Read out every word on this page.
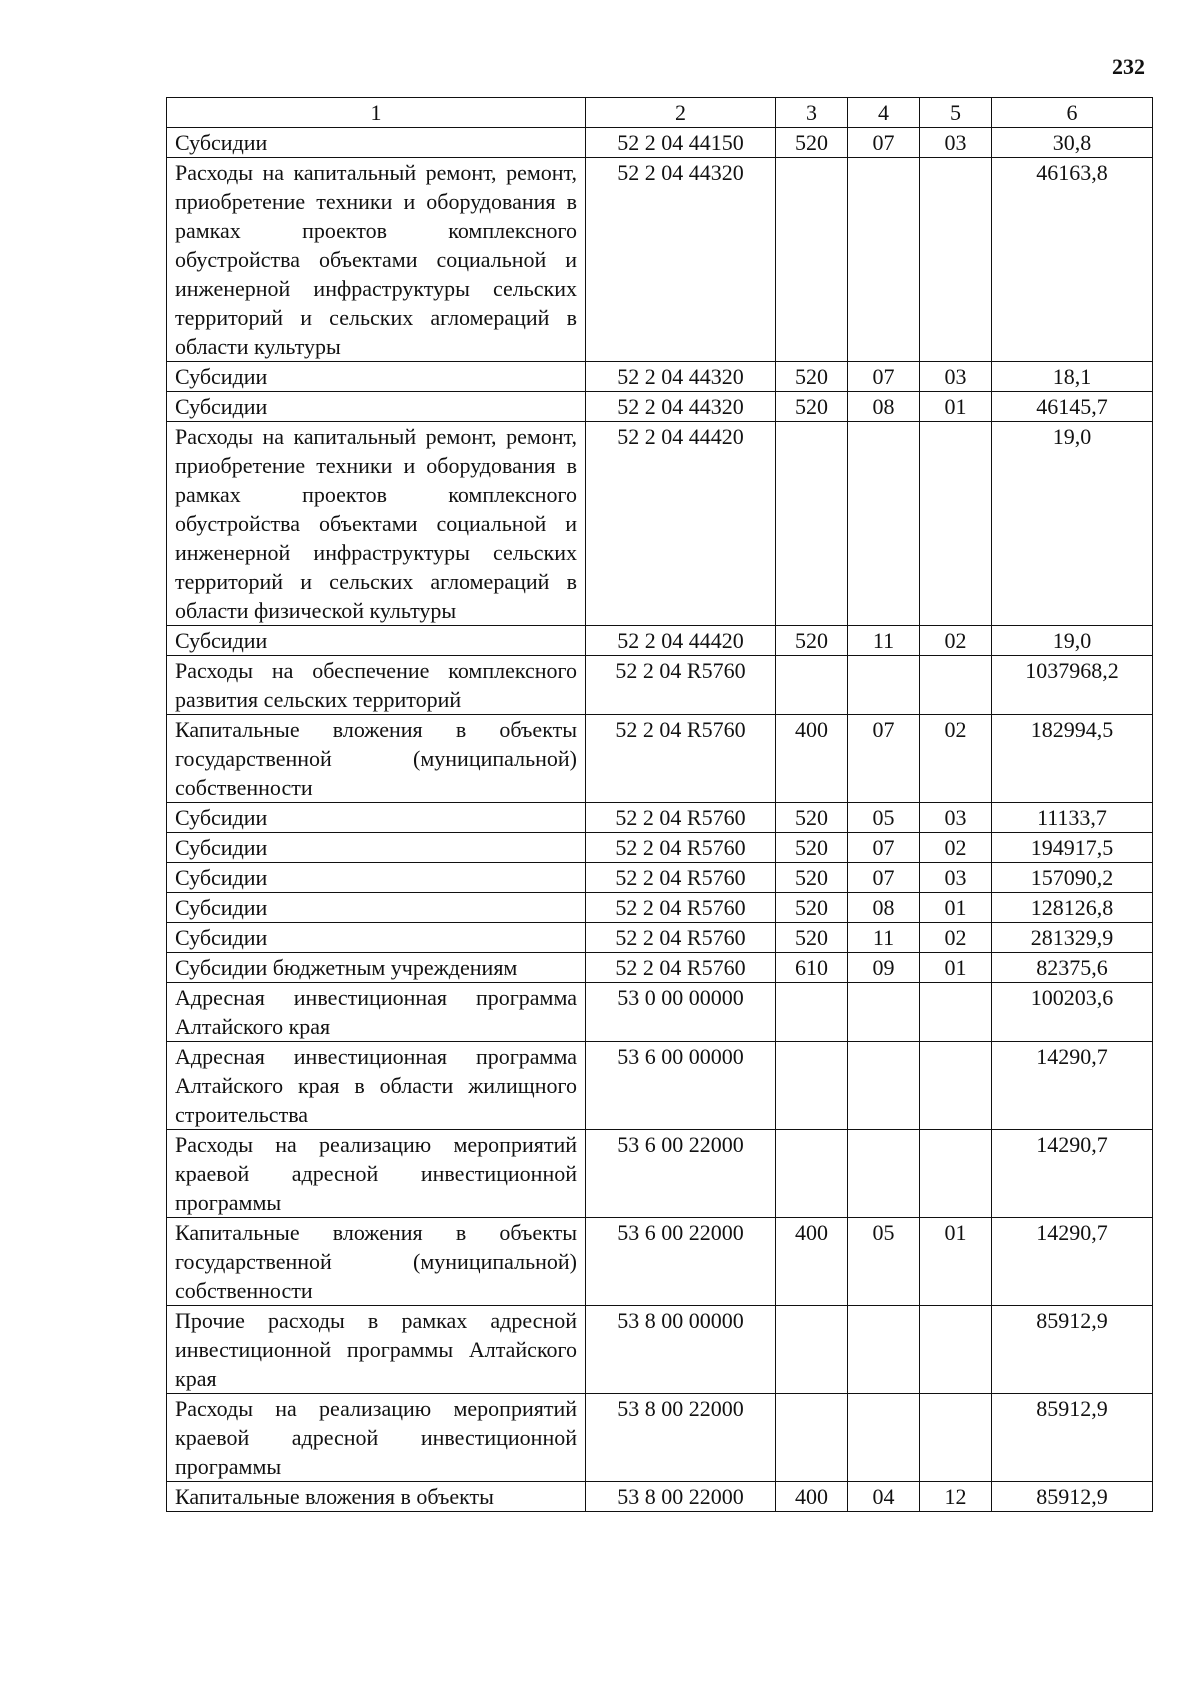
232
1	2	3	4	5	6
Субсидии	52 2 04 44150	520	07	03	30,8
Расходы на капитальный ремонт, ремонт, приобретение техники и оборудования в рамках проектов комплексного обустройства объектами социальной и инженерной инфраструктуры сельских территорий и сельских агломераций в области культуры	52 2 04 44320				46163,8
Субсидии	52 2 04 44320	520	07	03	18,1
Субсидии	52 2 04 44320	520	08	01	46145,7
Расходы на капитальный ремонт, ремонт, приобретение техники и оборудования в рамках проектов комплексного обустройства объектами социальной и инженерной инфраструктуры сельских территорий и сельских агломераций в области физической культуры	52 2 04 44420				19,0
Субсидии	52 2 04 44420	520	11	02	19,0
Расходы на обеспечение комплексного развития сельских территорий	52 2 04 R5760				1037968,2
Капитальные вложения в объекты государственной (муниципальной) собственности	52 2 04 R5760	400	07	02	182994,5
Субсидии	52 2 04 R5760	520	05	03	11133,7
Субсидии	52 2 04 R5760	520	07	02	194917,5
Субсидии	52 2 04 R5760	520	07	03	157090,2
Субсидии	52 2 04 R5760	520	08	01	128126,8
Субсидии	52 2 04 R5760	520	11	02	281329,9
Субсидии бюджетным учреждениям	52 2 04 R5760	610	09	01	82375,6
Адресная инвестиционная программа Алтайского края	53 0 00 00000				100203,6
Адресная инвестиционная программа Алтайского края в области жилищного строительства	53 6 00 00000				14290,7
Расходы на реализацию мероприятий краевой адресной инвестиционной программы	53 6 00 22000				14290,7
Капитальные вложения в объекты государственной (муниципальной) собственности	53 6 00 22000	400	05	01	14290,7
Прочие расходы в рамках адресной инвестиционной программы Алтайского края	53 8 00 00000				85912,9
Расходы на реализацию мероприятий краевой адресной инвестиционной программы	53 8 00 22000				85912,9
Капитальные вложения в объекты	53 8 00 22000	400	04	12	85912,9
